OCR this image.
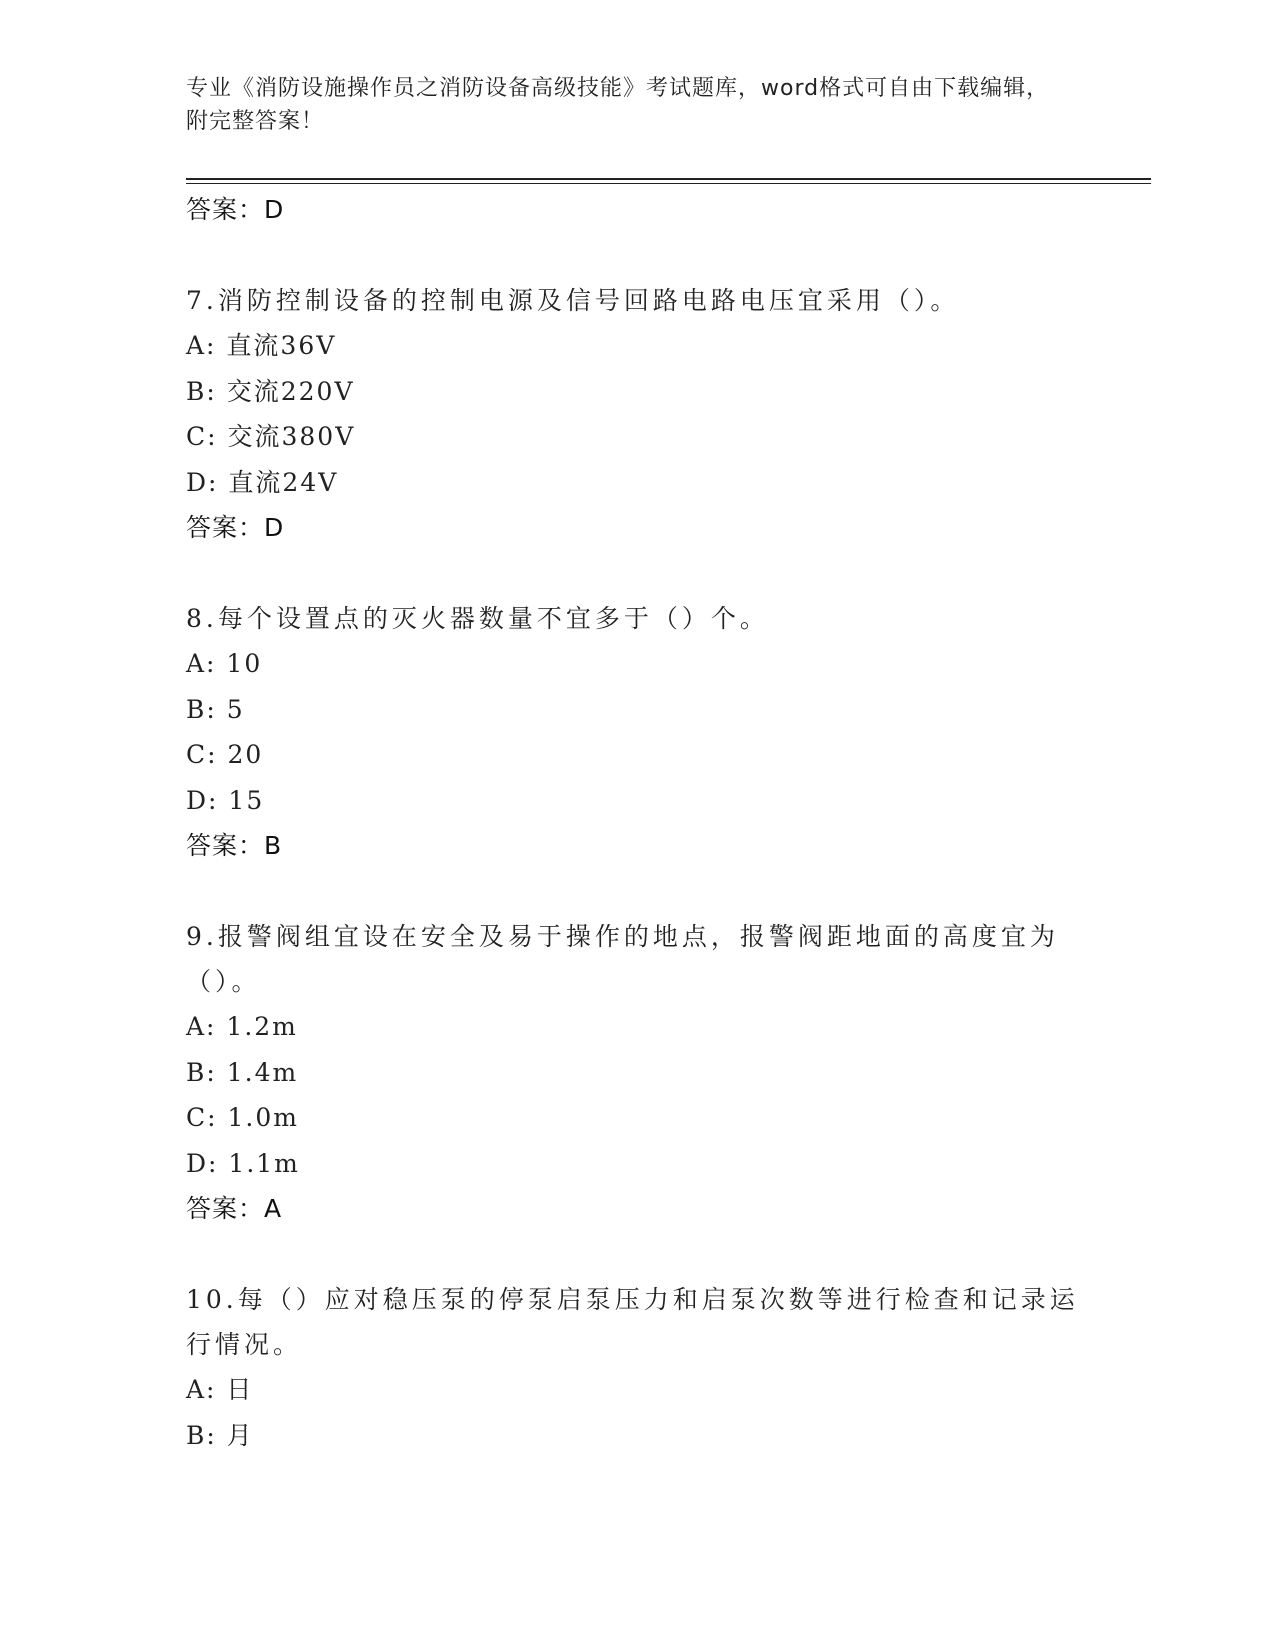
专业《消防设施操作员之消防设备高级技能》考试题库，word格式可自由下载编辑，附完整答案！
答案：D
7.消防控制设备的控制电源及信号回路电路电压宜采用（）。
A: 直流36V
B: 交流220V
C: 交流380V
D: 直流24V
答案：D
8.每个设置点的灭火器数量不宜多于（）个。
A: 10
B: 5
C: 20
D: 15
答案：B
9.报警阀组宜设在安全及易于操作的地点，报警阀距地面的高度宜为（）。
A: 1.2m
B: 1.4m
C: 1.0m
D: 1.1m
答案：A
10.每（）应对稳压泵的停泵启泵压力和启泵次数等进行检查和记录运行情况。
A: 日
B: 月
